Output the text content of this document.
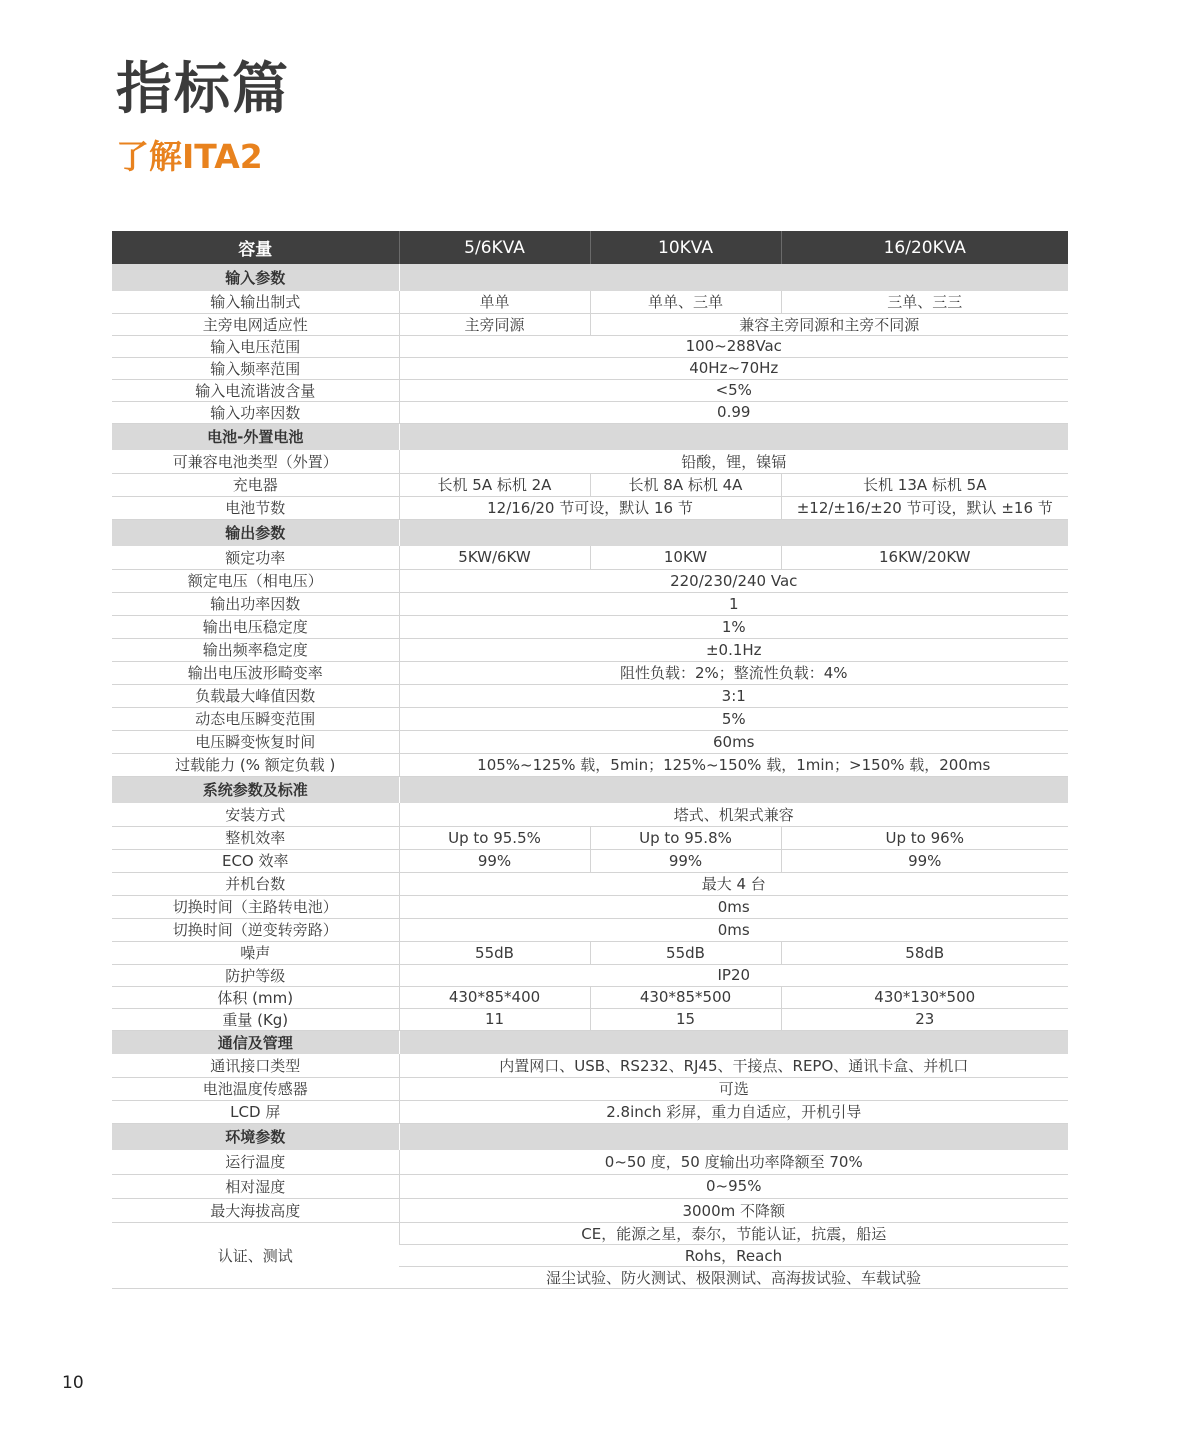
指标篇
了解ITA2
容量	5/6KVA	10KVA	16/20KVA
输入参数			
输入输出制式	单单	单单、三单	三单、三三
主旁电网适应性	主旁同源	兼容主旁同源和主旁不同源	
输入电压范围	100~288Vac		
输入频率范围	40Hz~70Hz		
输入电流谐波含量	<5%		
输入功率因数	0.99		
电池-外置电池			
可兼容电池类型（外置）	铅酸，锂，镍镉		
充电器	长机 5A 标机 2A	长机 8A 标机 4A	长机 13A 标机 5A
电池节数	12/16/20 节可设，默认 16 节		±12/±16/±20 节可设，默认 ±16 节
输出参数			
额定功率	5KW/6KW	10KW	16KW/20KW
额定电压（相电压）	220/230/240 Vac		
输出功率因数	1		
输出电压稳定度	1%		
输出频率稳定度	±0.1Hz		
输出电压波形畸变率	阻性负载：2%；整流性负载：4%		
负载最大峰值因数	3:1		
动态电压瞬变范围	5%		
电压瞬变恢复时间	60ms		
过载能力 (% 额定负载 )	105%~125% 载，5min；125%~150% 载，1min；>150% 载，200ms		
系统参数及标准			
安装方式	塔式、机架式兼容		
整机效率	Up to 95.5%	Up to 95.8%	Up to 96%
ECO 效率	99%	99%	99%
并机台数	最大 4 台		
切换时间（主路转电池）	0ms		
切换时间（逆变转旁路）	0ms		
噪声	55dB	55dB	58dB
防护等级	IP20		
体积 (mm)	430*85*400	430*85*500	430*130*500
重量 (Kg)	11	15	23
通信及管理			
通讯接口类型	内置网口、USB、RS232、RJ45、干接点、REPO、通讯卡盒、并机口		
电池温度传感器	可选		
LCD 屏	2.8inch 彩屏，重力自适应，开机引导		
环境参数			
运行温度	0~50 度，50 度输出功率降额至 70%		
相对湿度	0~95%		
最大海拔高度	3000m 不降额		
认证、测试	CE，能源之星，泰尔，节能认证，抗震，船运		
	Rohs，Reach		
	湿尘试验、防火测试、极限测试、高海拔试验、车载试验		
10
